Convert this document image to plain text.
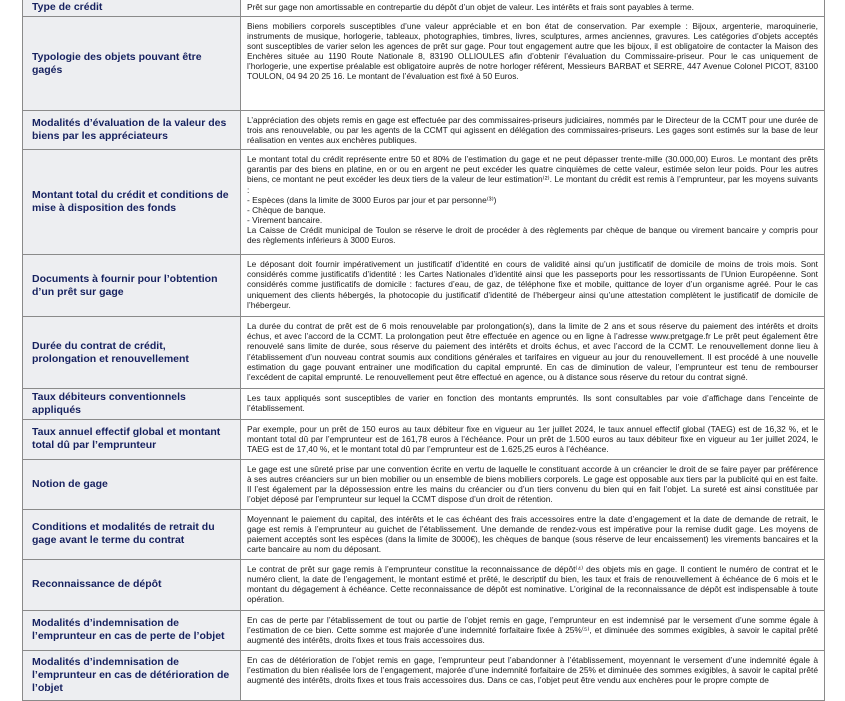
Type de crédit	Prêt sur gage non amortissable en contrepartie du dépôt d’un objet de valeur. Les intérêts et frais sont payables à terme.

Typologie des objets pouvant être gagés	Biens mobiliers corporels susceptibles d’une valeur appréciable et en bon état de conservation. Par exemple : Bijoux, argenterie, maroquinerie, instruments de musique, horlogerie, tableaux, photographies, timbres, livres, sculptures, armes anciennes, gravures. Les catégories d’objets acceptés sont susceptibles de varier selon les agences de prêt sur gage. Pour tout engagement autre que les bijoux, il est obligatoire de contacter la Maison des Enchères située au 1190 Route Nationale 8, 83190 OLLIOULES afin d’obtenir l’évaluation du Commissaire-priseur. Pour le cas uniquement de l’horlogerie, une expertise préalable est obligatoire auprès de notre horloger référent, Messieurs BARBAT et SERRE, 447 Avenue Colonel PICOT, 83100 TOULON, 04 94 20 25 16. Le montant de l’évaluation est fixé à 50 Euros.

Modalités d’évaluation de la valeur des biens par les appréciateurs	L’appréciation des objets remis en gage est effectuée par des commissaires-priseurs judiciaires, nommés par le Directeur de la CCMT pour une durée de trois ans renouvelable, ou par les agents de la CCMT qui agissent en délégation des commissaires-priseurs. Les gages sont estimés sur la base de leur réalisation en ventes aux enchères publiques.

Montant total du crédit et conditions de mise à disposition des fonds	Le montant total du crédit représente entre 50 et 80% de l’estimation du gage et ne peut dépasser trente-mille (30.000,00) Euros. Le montant des prêts garantis par des biens en platine, en or ou en argent ne peut excéder les quatre cinquièmes de cette valeur, estimée selon leur poids. Pour les autres biens, ce montant ne peut excéder les deux tiers de la valeur de leur estimation⁽²⁾. Le montant du crédit est remis à l’emprunteur, par les moyens suivants :

- Espèces (dans la limite de 3000 Euros par jour et par personne⁽³⁾)

- Chèque de banque.

- Virement bancaire.

La Caisse de Crédit municipal de Toulon se réserve le droit de procéder à des règlements par chèque de banque ou virement bancaire y compris pour des règlements inférieurs à 3000 Euros.

Documents à fournir pour l’obtention d’un prêt sur gage	Le déposant doit fournir impérativement un justificatif d’identité en cours de validité ainsi qu’un justificatif de domicile de moins de trois mois. Sont considérés comme justificatifs d’identité : les Cartes Nationales d’identité ainsi que les passeports pour les ressortissants de l’Union Européenne. Sont considérés comme justificatifs de domicile : factures d’eau, de gaz, de téléphone fixe et mobile, quittance de loyer d’un organisme agréé. Pour le cas uniquement des clients hébergés, la photocopie du justificatif d’identité de l’hébergeur ainsi qu’une attestation complètent le justificatif de domicile de l’hébergeur.

Durée du contrat de crédit, prolongation et renouvellement	La durée du contrat de prêt est de 6 mois renouvelable par prolongation(s), dans la limite de 2 ans et sous réserve du paiement des intérêts et droits échus, et avec l’accord de la CCMT. La prolongation peut être effectuée en agence ou en ligne à l’adresse www.pretgage.fr Le prêt peut également être renouvelé sans limite de durée, sous réserve du paiement des intérêts et droits échus, et avec l’accord de la CCMT. Le renouvellement donne lieu à l’établissement d’un nouveau contrat soumis aux conditions générales et tarifaires en vigueur au jour du renouvellement. Il est procédé à une nouvelle estimation du gage pouvant entrainer une modification du capital emprunté. En cas de diminution de valeur, l’emprunteur est tenu de rembourser l’excédent de capital emprunté. Le renouvellement peut être effectué en agence, ou à distance sous réserve du retour du contrat signé.

Taux débiteurs conventionnels appliqués	Les taux appliqués sont susceptibles de varier en fonction des montants empruntés. Ils sont consultables par voie d’affichage dans l’enceinte de l’établissement.

Taux annuel effectif global et montant total dû par l’emprunteur	Par exemple, pour un prêt de 150 euros au taux débiteur fixe en vigueur au 1er juillet 2024, le taux annuel effectif global (TAEG) est de 16,32 %, et le montant total dû par l’emprunteur est de 161,78 euros à l’échéance. Pour un prêt de 1.500 euros au taux débiteur fixe en vigueur au 1er juillet 2024, le TAEG est de 17,40 %, et le montant total dû par l’emprunteur est de 1.625,25 euros à l’échéance.

Notion de gage	Le gage est une sûreté prise par une convention écrite en vertu de laquelle le constituant accorde à un créancier le droit de se faire payer par préférence à ses autres créanciers sur un bien mobilier ou un ensemble de biens mobiliers corporels. Le gage est opposable aux tiers par la publicité qui en est faite. Il l’est également par la dépossession entre les mains du créancier ou d’un tiers convenu du bien qui en fait l’objet. La sureté est ainsi constituée par l’objet déposé par l’emprunteur sur lequel la CCMT dispose d’un droit de rétention.

Conditions et modalités de retrait du gage avant le terme du contrat	Moyennant le paiement du capital, des intérêts et le cas échéant des frais accessoires entre la date d’engagement et la date de demande de retrait, le gage est remis à l’emprunteur au guichet de l’établissement. Une demande de rendez-vous est impérative pour la remise dudit gage. Les moyens de paiement acceptés sont les espèces (dans la limite de 3000€), les chèques de banque (sous réserve de leur encaissement) les virements bancaires et la carte bancaire au nom du déposant.

Reconnaissance de dépôt	Le contrat de prêt sur gage remis à l’emprunteur constitue la reconnaissance de dépôt⁽⁴⁾ des objets mis en gage. Il contient le numéro de contrat et le numéro client, la date de l’engagement, le montant estimé et prêté, le descriptif du bien, les taux et frais de renouvellement à échéance de 6 mois et le montant du dégagement à échéance. Cette reconnaissance de dépôt est nominative. L’original de la reconnaissance de dépôt est indispensable à toute opération.

Modalités d’indemnisation de l’emprunteur en cas de perte de l’objet	En cas de perte par l’établissement de tout ou partie de l’objet remis en gage, l’emprunteur en est indemnisé par le versement d’une somme égale à l’estimation de ce bien. Cette somme est majorée d’une indemnité forfaitaire fixée à 25%⁽⁵⁾, et diminuée des sommes exigibles, à savoir le capital prêté augmenté des intérêts, droits fixes et tous frais accessoires dus.

Modalités d’indemnisation de l’emprunteur en cas de détérioration de l’objet	En cas de détérioration de l’objet remis en gage, l’emprunteur peut l’abandonner à l’établissement, moyennant le versement d’une indemnité égale à l’estimation du bien réalisée lors de l’engagement, majorée d’une indemnité forfaitaire de 25% et diminuée des sommes exigibles, à savoir le capital prêté augmenté des intérêts, droits fixes et tous frais accessoires dus. Dans ce cas, l’objet peut être vendu aux enchères pour le propre compte de
